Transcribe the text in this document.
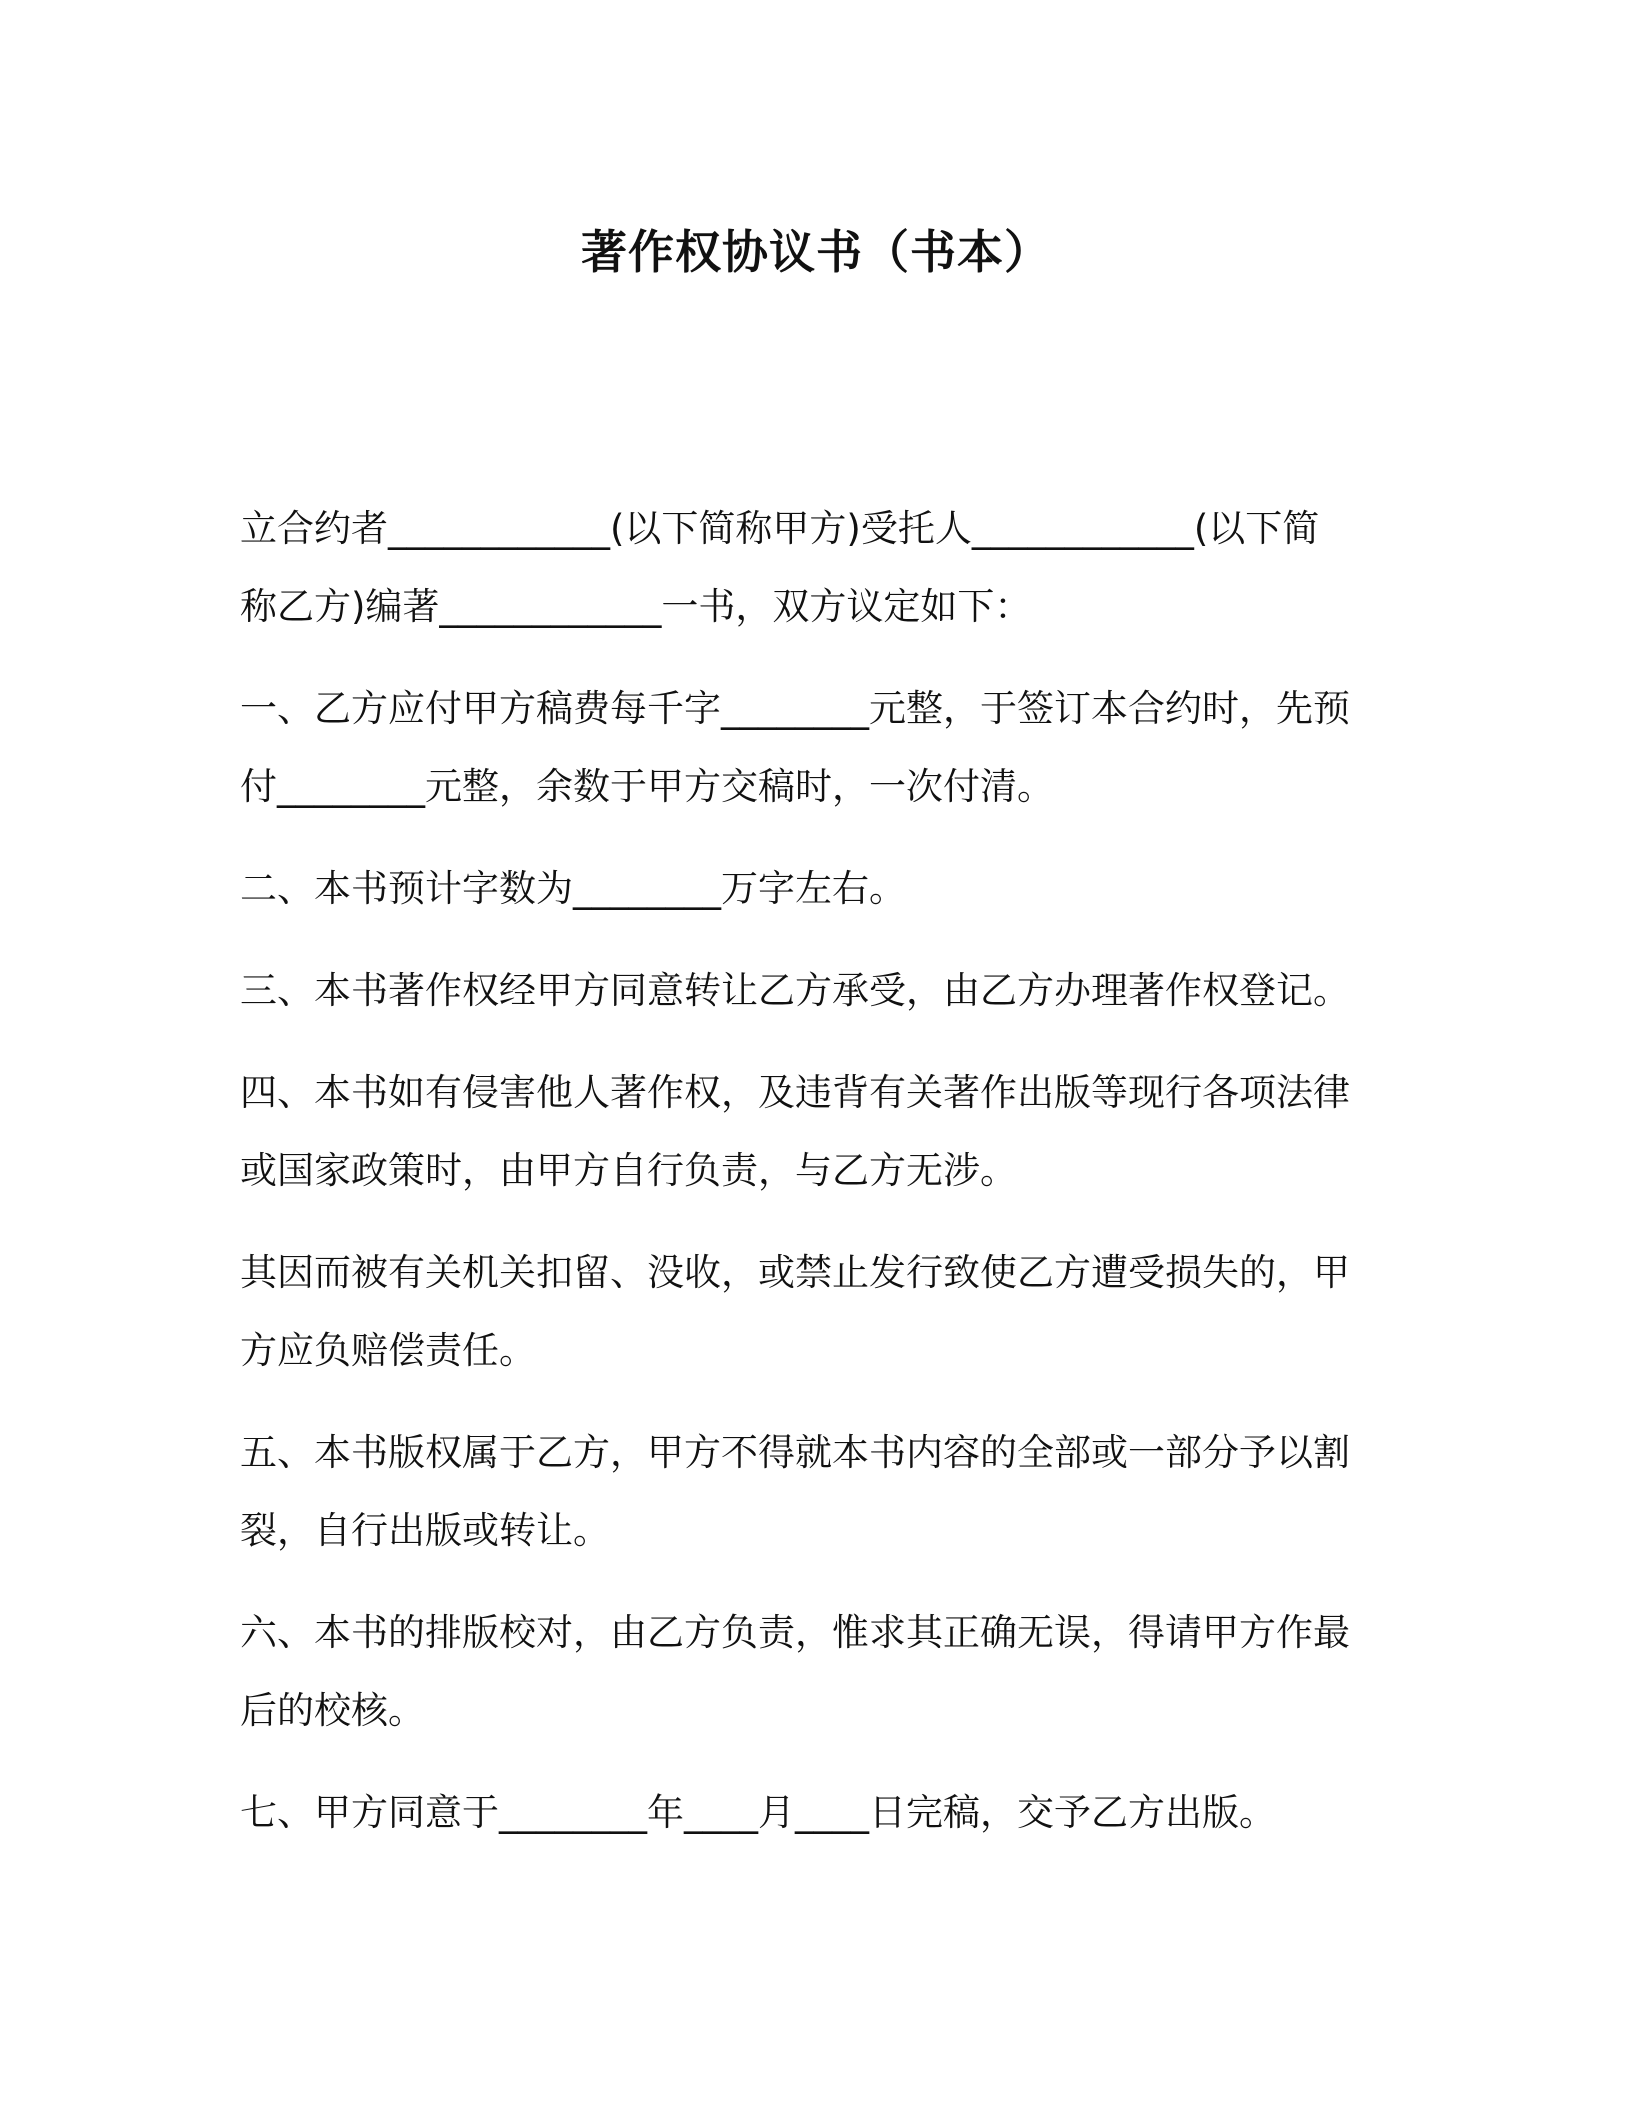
著作权协议书（书本）

立合约者____________(以下简称甲方)受托人____________(以下简
称乙方)编著____________一书，双方议定如下：

一、乙方应付甲方稿费每千字________元整，于签订本合约时，先预
付________元整，余数于甲方交稿时，一次付清。

二、本书预计字数为________万字左右。

三、本书著作权经甲方同意转让乙方承受，由乙方办理著作权登记。

四、本书如有侵害他人著作权，及违背有关著作出版等现行各项法律
或国家政策时，由甲方自行负责，与乙方无涉。

其因而被有关机关扣留、没收，或禁止发行致使乙方遭受损失的，甲
方应负赔偿责任。

五、本书版权属于乙方，甲方不得就本书内容的全部或一部分予以割
裂，自行出版或转让。

六、本书的排版校对，由乙方负责，惟求其正确无误，得请甲方作最
后的校核。

七、甲方同意于________年____月____日完稿，交予乙方出版。
